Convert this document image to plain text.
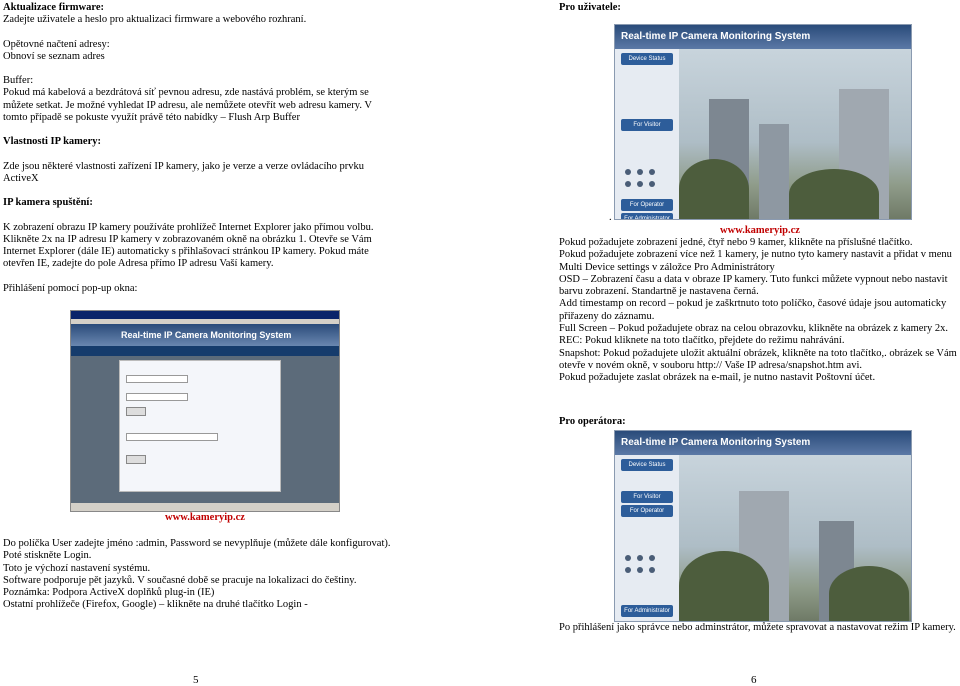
Aktualizace firmware:

Zadejte uživatele a heslo pro aktualizaci firmware a webového rozhraní.

Opětovné načtení adresy:

Obnoví se seznam adres

Buffer:

Pokud má kabelová a bezdrátová síť pevnou adresu, zde nastává problém, se kterým se můžete setkat. Je možné vyhledat IP adresu, ale nemůžete otevřít web adresu kamery. V tomto případě se pokuste využít právě této nabídky – Flush Arp Buffer

Vlastnosti IP kamery:

Zde jsou některé vlastnosti zařízení IP kamery, jako je verze a verze ovládacího prvku ActiveX

IP kamera spuštění:

K zobrazení obrazu IP kamery používáte prohlížeč Internet Explorer jako přímou volbu. Klikněte 2x na IP adresu IP kamery v zobrazovaném okně na obrázku 1. Otevře se Vám Internet Explorer (dále IE) automaticky s přihlašovací stránkou IP kamery. Pokud máte otevřen IE, zadejte do pole Adresa přímo IP adresu Vaší kamery.

Přihlášení pomocí pop-up okna:

Real-time IP Camera Monitoring System
www.kameryip.cz
Do políčka User zadejte jméno :admin, Password se nevyplňuje (můžete dále konfigurovat). Poté stiskněte Login.
Toto je výchozí nastavení systému.
Software podporuje pět jazyků. V současné době se pracuje na lokalizaci do češtiny.
Poznámka: Podpora ActiveX doplňků plug-in (IE)
Ostatní prohlížeče (Firefox, Google) – klikněte na druhé tlačítko Login -
5

Pro uživatele:

Real-time IP Camera Monitoring System
Device Status
For Visitor
For Operator
For Administrator
.
www.kameryip.cz
Pokud požadujete zobrazení jedné, čtyř nebo 9 kamer, klikněte na příslušné tlačítko.
Pokud požadujete zobrazení více než 1 kamery, je nutno tyto kamery nastavit a přidat v menu Multi Device settings v záložce Pro Administrátory
OSD – Zobrazení času a data v obraze IP kamery. Tuto funkci můžete vypnout nebo nastavit barvu zobrazení. Standartně je nastavena černá.
Add timestamp on record – pokud je zaškrtnuto toto políčko, časové údaje jsou automaticky přiřazeny do záznamu.
Full Screen – Pokud požadujete obraz na celou obrazovku, klikněte na obrázek z kamery 2x.
REC: Pokud kliknete na toto tlačítko, přejdete do režimu nahrávání.
Snapshot: Pokud požadujete uložit aktuální obrázek, klikněte na toto tlačítko,. obrázek se Vám otevře v novém okně, v souboru http:// Vaše IP adresa/snapshot.htm avi.
Pokud požadujete zaslat obrázek na e-mail, je nutno nastavit Poštovní účet.
Pro operátora:
Real-time IP Camera Monitoring System
Device Status
For Visitor
For Operator
For Administrator
Po přihlášení jako správce nebo adminstrátor, můžete spravovat a nastavovat režim IP kamery.
6
